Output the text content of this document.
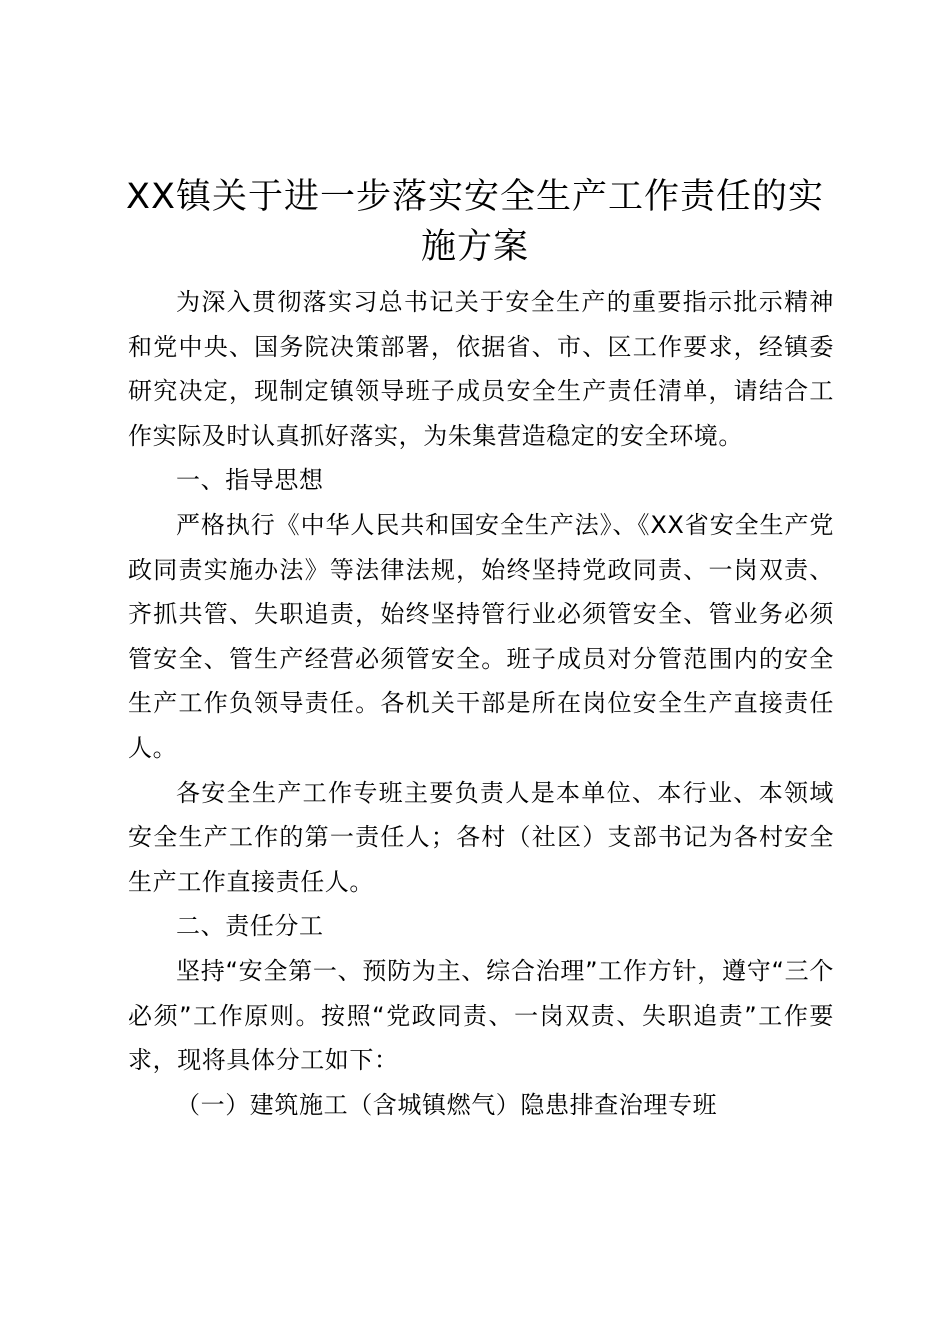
XX镇关于进一步落实安全生产工作责任的实施方案

为深入贯彻落实习总书记关于安全生产的重要指示批示精神和党中央、国务院决策部署，依据省、市、区工作要求，经镇委研究决定，现制定镇领导班子成员安全生产责任清单，请结合工作实际及时认真抓好落实，为朱集营造稳定的安全环境。

一、指导思想

严格执行《中华人民共和国安全生产法》、《XX省安全生产党政同责实施办法》等法律法规，始终坚持党政同责、一岗双责、齐抓共管、失职追责，始终坚持管行业必须管安全、管业务必须管安全、管生产经营必须管安全。班子成员对分管范围内的安全生产工作负领导责任。各机关干部是所在岗位安全生产直接责任人。

各安全生产工作专班主要负责人是本单位、本行业、本领域安全生产工作的第一责任人；各村（社区）支部书记为各村安全生产工作直接责任人。

二、责任分工

坚持“安全第一、预防为主、综合治理”工作方针，遵守“三个必须”工作原则。按照“党政同责、一岗双责、失职追责”工作要求，现将具体分工如下：

（一）建筑施工（含城镇燃气）隐患排查治理专班
